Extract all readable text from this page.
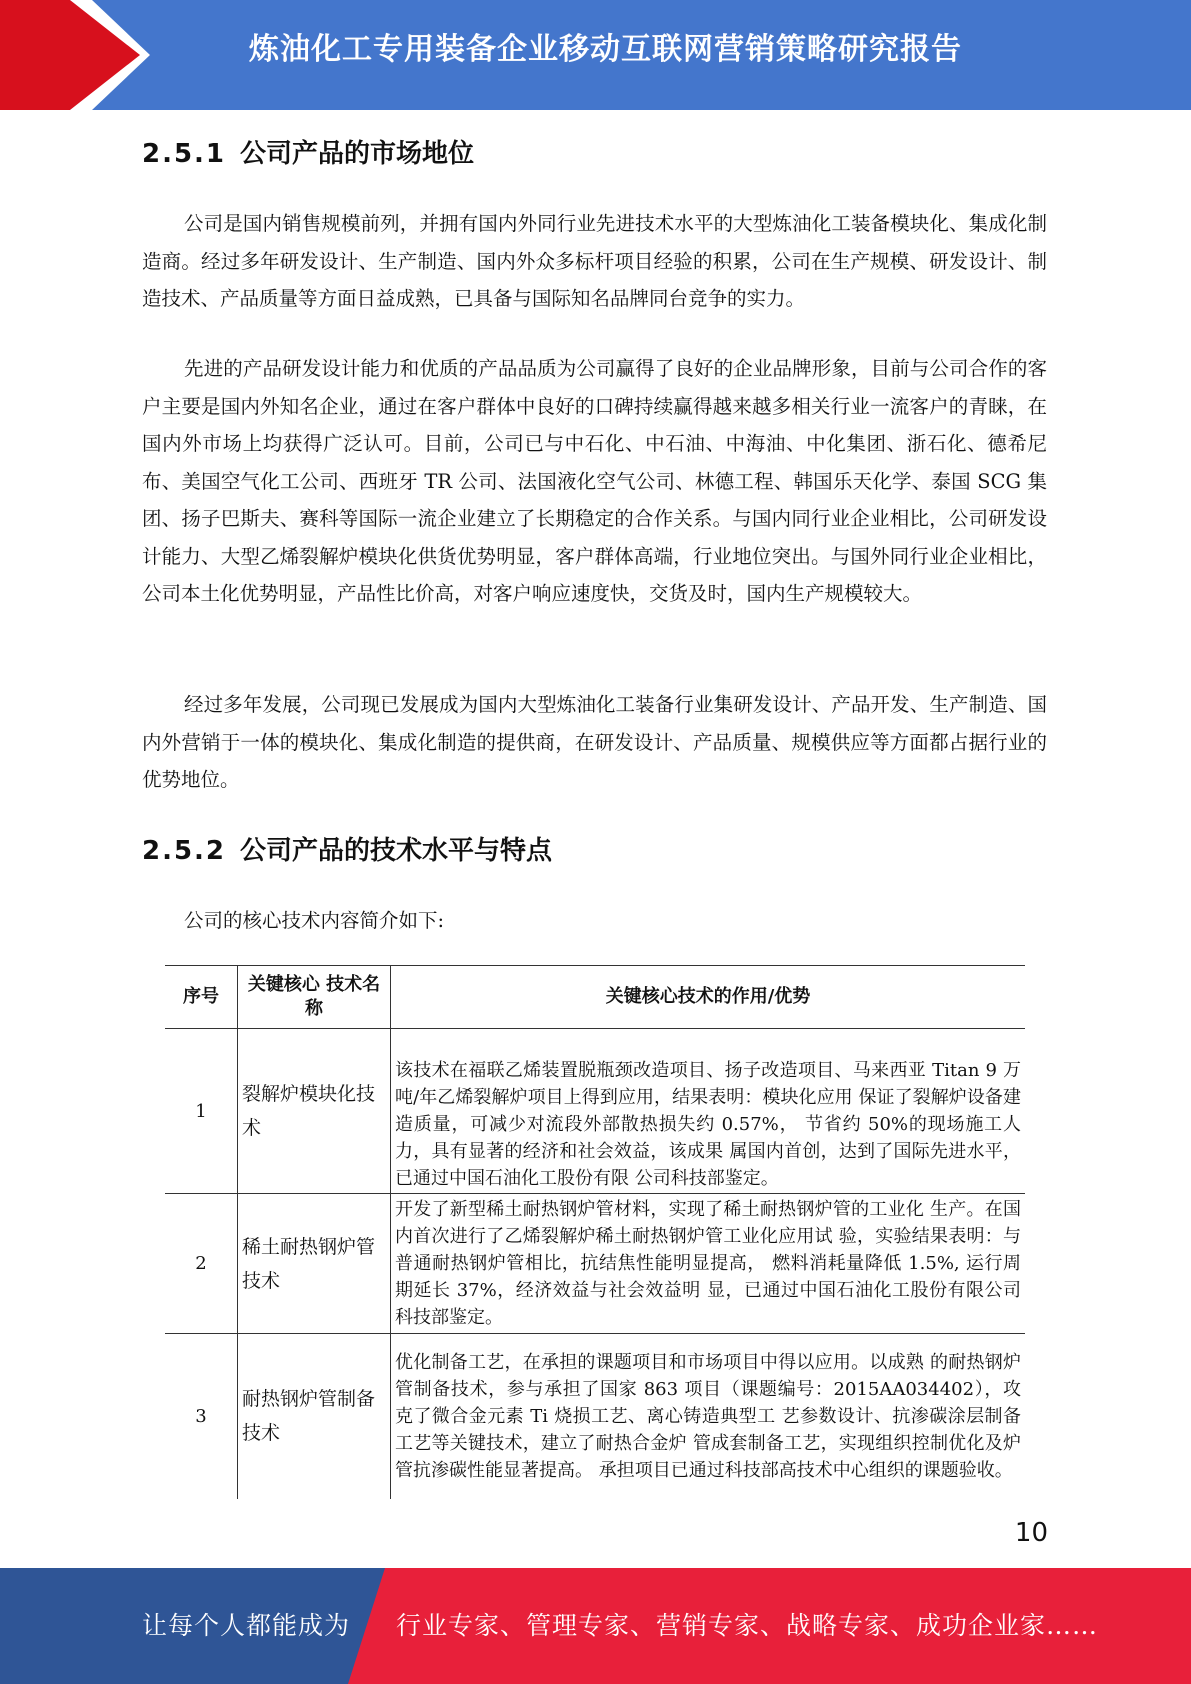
炼油化工专用装备企业移动互联网营销策略研究报告
2.5.1 公司产品的市场地位

公司是国内销售规模前列，并拥有国内外同行业先进技术水平的大型炼油化工装备模块化、集成化制造商。经过多年研发设计、生产制造、国内外众多标杆项目经验的积累，公司在生产规模、研发设计、制造技术、产品质量等方面日益成熟，已具备与国际知名品牌同台竞争的实力。

先进的产品研发设计能力和优质的产品品质为公司赢得了良好的企业品牌形象，目前与公司合作的客户主要是国内外知名企业，通过在客户群体中良好的口碑持续赢得越来越多相关行业一流客户的青睐，在国内外市场上均获得广泛认可。目前，公司已与中石化、中石油、中海油、中化集团、浙石化、德希尼布、美国空气化工公司、西班牙 TR 公司、法国液化空气公司、林德工程、韩国乐天化学、泰国 SCG 集团、扬子巴斯夫、赛科等国际一流企业建立了长期稳定的合作关系。与国内同行业企业相比，公司研发设计能力、大型乙烯裂解炉模块化供货优势明显，客户群体高端，行业地位突出。与国外同行业企业相比，公司本土化优势明显，产品性比价高，对客户响应速度快，交货及时，国内生产规模较大。

经过多年发展，公司现已发展成为国内大型炼油化工装备行业集研发设计、产品开发、生产制造、国内外营销于一体的模块化、集成化制造的提供商，在研发设计、产品质量、规模供应等方面都占据行业的优势地位。

2.5.2 公司产品的技术水平与特点

公司的核心技术内容简介如下:

序号	关键核心 技术名称	关键核心技术的作用/优势
1	裂解炉模块化技术	该技术在福联乙烯装置脱瓶颈改造项目、扬子改造项目、马来西亚 Titan 9 万吨/年乙烯裂解炉项目上得到应用，结果表明：模块化应用 保证了裂解炉设备建造质量，可减少对流段外部散热损失约 0.57%， 节省约 50%的现场施工人力，具有显著的经济和社会效益，该成果 属国内首创，达到了国际先进水平，已通过中国石油化工股份有限 公司科技部鉴定。
2	稀土耐热钢炉管技术	开发了新型稀土耐热钢炉管材料，实现了稀土耐热钢炉管的工业化 生产。在国内首次进行了乙烯裂解炉稀土耐热钢炉管工业化应用试 验，实验结果表明：与普通耐热钢炉管相比，抗结焦性能明显提高， 燃料消耗量降低 1.5%, 运行周期延长 37%，经济效益与社会效益明 显，已通过中国石油化工股份有限公司科技部鉴定。
3	耐热钢炉管制备技术	优化制备工艺，在承担的课题项目和市场项目中得以应用。以成熟 的耐热钢炉管制备技术，参与承担了国家 863 项目（课题编号：2015AA034402），攻克了微合金元素 Ti 烧损工艺、离心铸造典型工 艺参数设计、抗渗碳涂层制备工艺等关键技术，建立了耐热合金炉 管成套制备工艺，实现组织控制优化及炉管抗渗碳性能显著提高。 承担项目已通过科技部高技术中心组织的课题验收。
10
让每个人都能成为 行业专家、管理专家、营销专家、战略专家、成功企业家……
